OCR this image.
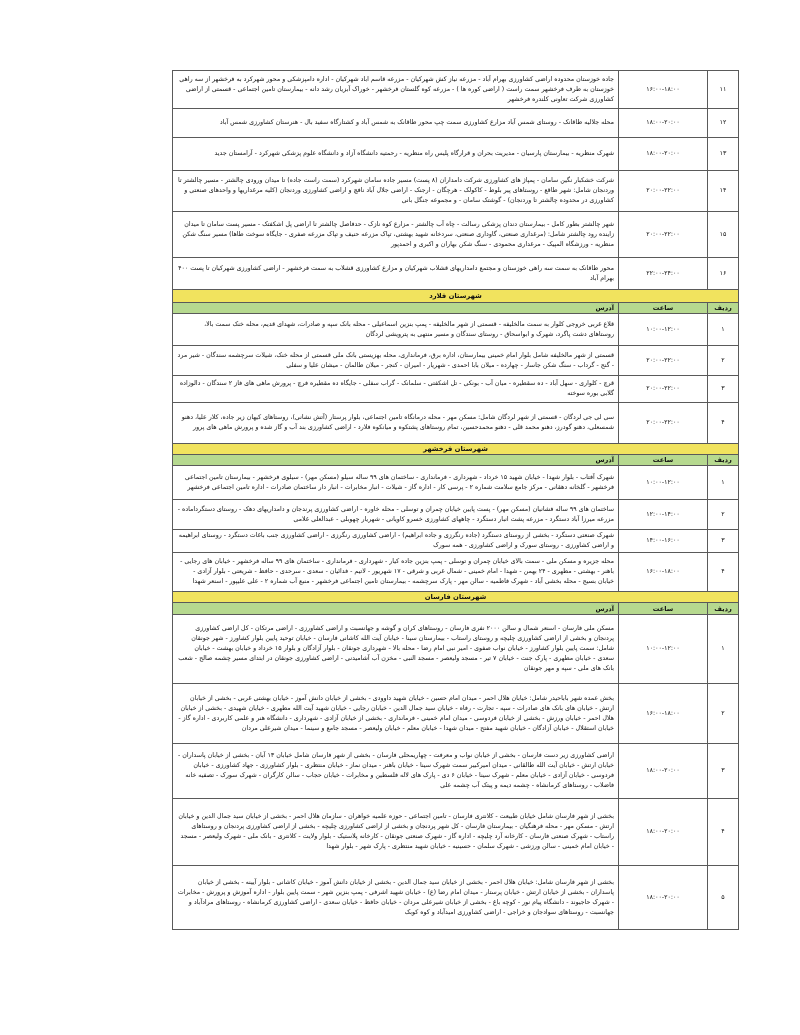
۱۱	۱۶:۰۰-۱۸:۰۰	جاده خوزستان محدوده اراضی کشاورزی بهرام آباد - مزرعه نیاز کش شهرکیان - مزرعه قاسم اباد شهرکیان - اداره دامپزشکی و محور شهرکرد به فرخشهر از سه راهی خوزستان به طرف فرخشهر سمت راست ( اراضی کوره ها ) - مزرعه کوه گلستان فرخشهر - خوراک آبزیان رشد دانه - بیمارستان تامین اجتماعی - قسمتی از اراضی کشاورزی شرکت تعاونی کلندره فرخشهر
۱۲	۱۸:۰۰-۲۰:۰۰	محله جلالیه طاقانک - روستای شمس آباد مزارع کشاورزی سمت چپ محور طاقانک به شمس آباد و کشتارگاه سفید بال - هنرستان کشاورزی شمس آباد
۱۳	۱۸:۰۰-۲۰:۰۰	شهرک منظریه - بیمارستان پارسیان - مدیریت بحران و قرارگاه پلیس راه منظریه - رحمتیه دانشگاه آزاد و دانشگاه علوم پزشکی شهرکرد - آرامستان جدید
۱۴	۲۰:۰۰-۲۲:۰۰	شرکت خشکبار نگین سامان - پمپاژ های کشاورزی شرکت دامداران (۸ پست) مسیر جاده سامان شهرکرد (سمت راست جاده) تا میدان ورودی چالشتر - مسیر چالشتر تا وردنجان شامل: شهر طاقع - روستاهای پیر بلوط - کاکولک - هرچگان - ارجنک - اراضی جلال آباد نافچ و اراضی کشاورزی وردنجان (کلیه مرغداریها و واحدهای صنعتی و کشاورزی در محدوده چالشتر تا وردنجان) - گوشتک سامان - و مجموعه جنگل بانی
۱۵	۲۰:۰۰-۲۲:۰۰	شهر چالشتر بطور کامل - بیمارستان دندان پزشکی رسالت - چاه آب چالشتر - مزارع کوه نازک - حدفاصل چالشتر تا اراضی پل اشکفتک - مسیر پست سامان تا میدان زاینده رود چالشتر شامل: (مرغداری صنعتی، گاوداری صنعتی، سردخانه شهید بهشتی، تپاک مزرعه حنیف و تپاک مزرعه صفری - جایگاه سوخت طاها) مسیر سنگ شکن منظریه - ورزشگاه المپیک - مرغداری محمودی - سنگ شکن بهاران و اکبری و احمدپور
۱۶	۲۲:۰۰-۲۴:۰۰	محور طاقانک به سمت سه راهی خوزستان و مجتمع دامداریهای قشلاب شهرکیان و مزارع کشاورزی قشلاب به سمت فرخشهر - اراضی کشاورزی شهرکیان تا پست ۴۰۰ بهرام آباد
شهرستان فلارد		
ردیف	ساعت	آدرس
۱	۱۰:۰۰-۱۲:۰۰	قلاع غربی خروجی کلوار به سمت مالخلیفه - قسمتی از شهر مالخلیفه - پمپ بنزین اسماعیلی - محله بانک سپه و صادرات، شهدای قدیم، محله خنک سمت بالا، روستاهای دشت پاگرد، شهرک و ابواسحاق - روستای سندگان و مسیر منتهی به پترویشی لردگان
۲	۲۰:۰۰-۲۲:۰۰	قسمتی از شهر مالخلیفه شامل بلوار امام خمینی بیمارستان، اداره برق، فرمانداری، محله بهزیستی بانک ملی قسمتی از محله خنک، شیلات سرچشمه سندگان - شیر مرد - گنج - گرداب - سنگ شکن جاسار - چهارده - میلان بابا احمدی - شهریار - امیران - کنجر - میلان طالمان - میشان علیا و سفلی
۳	۲۰:۰۰-۲۲:۰۰	قرچ - کلواری - سهل آباد - ده سقطیره - میان آب - بونکی - تل اشکفتی - سلمانک - گراب سفلی - جایگاه ده مقطیره فرچ - پرورش ماهی های فاز ۲ سندگان - دالوزاده گلابی بوره سوخته
۴	۲۰:۰۰-۲۲:۰۰	سی لی جی لردگان - قسمتی از شهر لردگان شامل: مسکن مهر - محله درمانگاه تامین اجتماعی، بلوار پرستار (آتش نشانی)، روستاهای کیهان زیر جاده، کلار علیا، دهنو شمسعلی، دهنو گودرز، دهنو محمد قلی - دهنو محمدحسین، تمام روستاهای پشتکوه و میانکوه فلارد - اراضی کشاورزی بند آب و گاز شده و پرورش ماهی های پرور
شهرستان فرخشهر		
ردیف	ساعت	آدرس
۱	۱۰:۰۰-۱۲:۰۰	شهرک آفتاب - بلوار شهدا - خیابان شهید ۱۵ خرداد - شهرداری - فرمانداری - ساختمان های ۹۹ ساله سیلو (مسکن مهر) - سیلوی فرخشهر - بیمارستان تامین اجتماعی فرخشهر - گلخانه دهقانی - مرکز جامع سلامت شماره ۲ - پرسی کار - اداره گاز - شیلات - انبار مخابرات - انبار دار ساختمان صادرات - اداره تامین اجتماعی فرخشهر
۲	۱۲:۰۰-۱۴:۰۰	ساختمان های ۹۹ ساله فشانیان (مسکن مهر) - پست پایین خیابان چمران و توسلی - محله خاوره - اراضی کشاورزی پرندجان و دامداریهای دهک - روستای دستگرداماده - مزرعه میرزا آباد دستگرد - مزرعه پشت انبار دستگرد - چاههای کشاورزی خسرو کاویانی - شهریار چهوبلی - عبدالعلی غلامی
۳	۱۴:۰۰-۱۶:۰۰	شهرک صنعتی دستگرد - بخشی از روستای دستگرد (جاده رنگرزی و جاده ابراهیم) - اراضی کشاورزی رنگرزی - اراضی کشاورزی جنب باغات دستگرد - روستای ابراهیمه و اراضی کشاورزی - روستای سورک و اراضی کشاورزی - همه سورک
۴	۱۶:۰۰-۱۸:۰۰	محله جزیره و مسکن ملی - سمت بالای خیابان چمران و توسلی - پمپ بنزین جاده کیار - شهرداری - فرمانداری - ساختمان های ۹۹ ساله فرخشهر - خیابان های رجایی - باهنر - بهشتی - مطهری - ۲۴ بهمن - شهدا - امام خمینی - شمال غربی و شرقی - ۱۷ شهریور - لاتیم - فدائیان - سعدی - سرحدی - حافظ - شریعتی - بلوار آزادی - خیابان بسیج - محله بخشی آباد - شهرک فاطمیه - سالن مهر - پارک سرچشمه - بیمارستان تامین اجتماعی فرخشهر - منبع آب شماره ۲ - علی علیپور - اسنعر شهدا
شهرستان فارسان		
ردیف	ساعت	آدرس
۱	۱۰:۰۰-۱۲:۰۰	مسکن ملی فارسان - اسنعر شمال و سالن ۲۰۰۰ نفری فارسان - روستاهای کران و گوشه و جهانسبت و اراضی کشاورزی - اراضی مرتکان - کل اراضی کشاورزی پردنجان و بخشی از اراضی کشاورزی چلیچه و روستای راستاب - بیمارستان سینا - خیابان آیت الله کاشانی فارسان - خیابان توحید پایین بلوار کشاورز - شهر جونقان شامل: سمت پایین بلوار کشاورز - خیابان نواب صفوی - امیر نبی امام رضا - محله بالا - شهرداری جونقان - بلوار آزادگان و بلوار ۱۵ خرداد و خیابان بهشت - خیابان سعدی - خیابان مطهری - پارک جنت - خیابان ۷ تیر - مسجد ولیعصر - مسجد النبی - مخزن آب آشامیدنی - اراضی کشاورزی جونقان در ابتدای مسیر چشمه صالح - شعب بانک های ملی - سپه و مهر جونقان
۲	۱۶:۰۰-۱۸:۰۰	بخش عمده شهر باباحیدر شامل: خیابان هلال احمر - میدان امام حسین - خیابان شهید داوودی - بخشی از خیابان دانش آموز - خیابان بهشتی غربی - بخشی از خیابان ارتش - خیابان های بانک های صادرات - سپه - تجارت - رفاه - خیابان سید جمال الدین - خیابان رجایی - خیابان شهید آیت الله مطهری - خیابان شهیدی - بخشی از خیابان هلال احمر - خیابان ورزش - بخشی از خیابان فردوسی - میدان امام خمینی - فرمانداری - بخشی از خیابان آزادی - شهرداری - دانشگاه هنر و علمی کاربردی - اداره گاز - خیابان استقلال - خیابان آزادگان - خیابان شهید مفتح - میدان شهدا - خیابان معلم - خیابان ولیعصر - مسجد جامع و سینما - میدان شیرعلی مردان
۳	۱۸:۰۰-۲۰:۰۰	اراضی کشاورزی زیر دست فارسان - بخشی از خیابان نواب و معرفت - چهاریمحلی فارسان - بخشی از شهر فارسان شامل خیابان ۱۳ آبان - بخشی از خیابان پاسداران - خیابان ارتش - خیابان آیت الله طالقانی - میدان امیرکبیر سمت شهرک سینا - خیابان باهنر - میدان نماز - خیابان منتظری - بلوار کشاورزی - جهاد کشاورزی - خیابان فردوسی - خیابان آزادی - خیابان معلم - شهرک سینا - خیابان ۶ دی - پارک های لاله فلسطین و مخابرات - خیابان حجاب - سالن کارگران - شهرک سورک - تصفیه خانه فاضلاب - روستاهای کرمانشاه - چشمه دیمه و پیتک آب چشمه علی
۴	۱۸:۰۰-۲۰:۰۰	بخشی از شهر فارسان شامل خیابان طبیعت - کلانتری فارسان - تامین اجتماعی - حوزه علمیه خواهران - سازمان هلال احمر - بخشی از خیابان سید جمال الدین و خیابان ارتش - مسکن مهر - محله فرهنگیان - بیمارستان فارسان - کل شهر پردنجان و بخشی از اراضی کشاورزی چلیچه - بخشی از اراضی کشاورزی پردنجان و روستاهای راستاب - شهرک صنعتی فارسان - کارخانه آرد چلیچه - اداره گاز - شهرک صنعتی جونقان - کارخانه پلاستیک - بلوار ولایت - کلانتری - بانک ملی - شهرک ولیعصر - مسجد - خیابان امام خمینی - سالن ورزشی - شهرک سلمان - حسینیه - خیابان شهید منتظری - پارک شهر - بلوار شهدا
۵	۱۸:۰۰-۲۰:۰۰	بخشی از شهر فارسان شامل: خیابان هلال احمر - بخشی از خیابان سید جمال الدین - بخشی از خیابان دانش آموز - خیابان کاشانی - بلوار آیینه - بخشی از خیابان پاسداران - بخشی از خیابان ارتش - خیابان پرستار - میدان امام رضا (ع) - خیابان شهید اشرفی - پمپ بنزین شهر - سمت پایین بلوار - اداره آموزش و پرورش - مخابرات - شهرک حاجیوند - دانشگاه پیام نور - کوچه باغ - بخشی از خیابان شیرعلی مردان - خیابان حافظ - خیابان سعدی - اراضی کشاورزی کرمانشاه - روستاهای مرادآباد و جهانسبت - روستاهای سوادجان و خراجی - اراضی کشاورزی امیدآباد و کوه کوبک
